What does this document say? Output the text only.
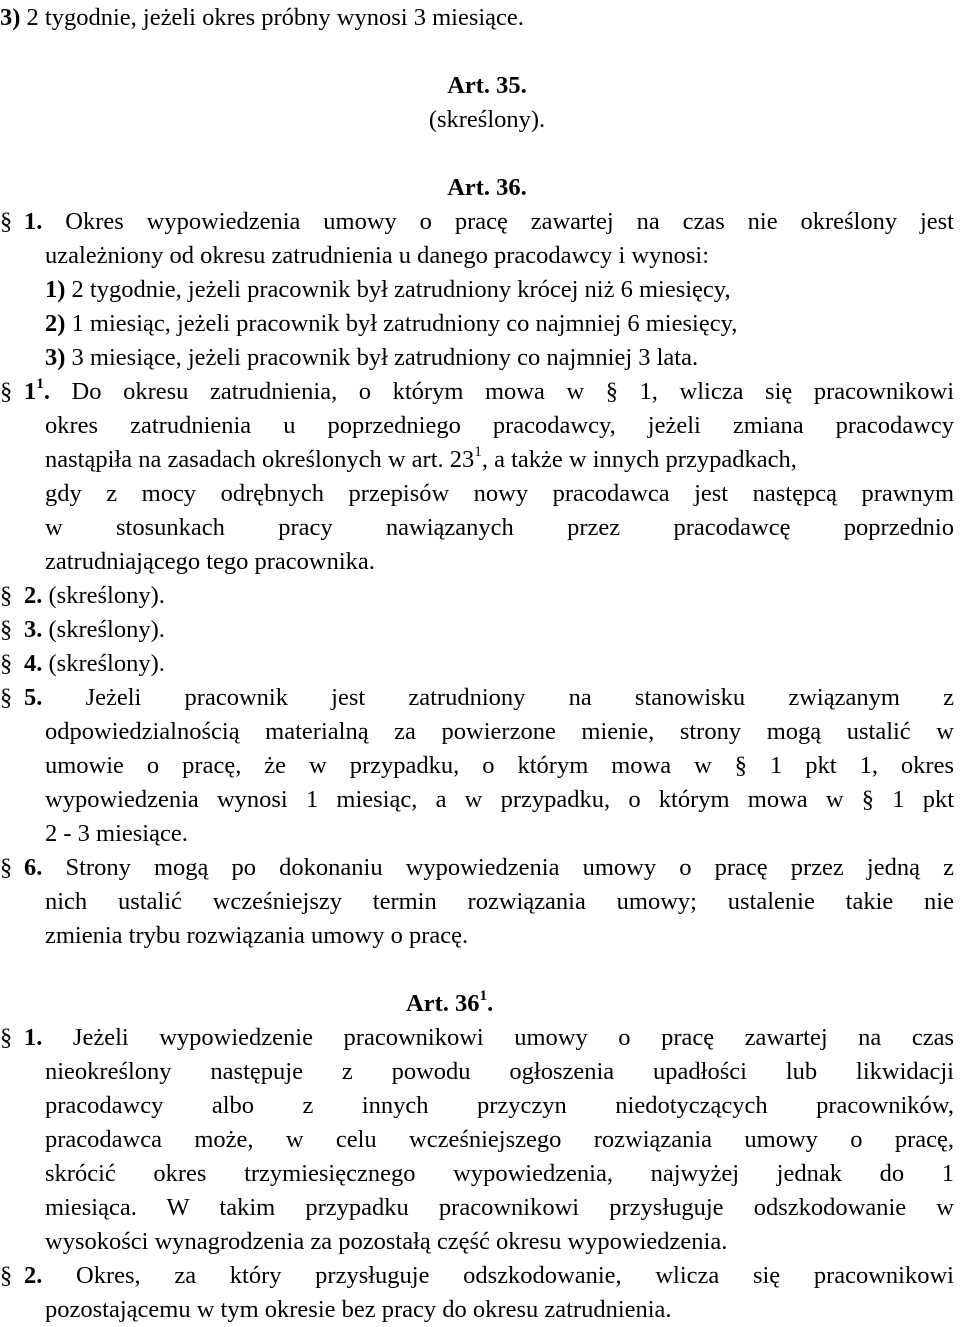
3) 2 tygodnie, jeżeli okres próbny wynosi 3 miesiące.
Art. 35.
(skreślony).
Art. 36.
§ 1. Okres wypowiedzenia umowy o pracę zawartej na czas nie określony jest
uzależniony od okresu zatrudnienia u danego pracodawcy i wynosi:
1) 2 tygodnie, jeżeli pracownik był zatrudniony krócej niż 6 miesięcy,
2) 1 miesiąc, jeżeli pracownik był zatrudniony co najmniej 6 miesięcy,
3) 3 miesiące, jeżeli pracownik był zatrudniony co najmniej 3 lata.
§ $1^1$. Do okresu zatrudnienia, o którym mowa w § 1, wlicza się pracownikowi
okres zatrudnienia u poprzedniego pracodawcy, jeżeli zmiana pracodawcy
nastąpiła na zasadach określonych w art. $23^1$, a także w innych przypadkach,
gdy z mocy odrębnych przepisów nowy pracodawca jest następcą prawnym
w stosunkach pracy nawiązanych przez pracodawcę poprzednio
zatrudniającego tego pracownika.
§ 2. (skreślony).
§ 3. (skreślony).
§ 4. (skreślony).
§ 5. Jeżeli pracownik jest zatrudniony na stanowisku związanym z
odpowiedzialnością materialną za powierzone mienie, strony mogą ustalić w
umowie o pracę, że w przypadku, o którym mowa w § 1 pkt 1, okres
wypowiedzenia wynosi 1 miesiąc, a w przypadku, o którym mowa w § 1 pkt
2 - 3 miesiące.
§ 6. Strony mogą po dokonaniu wypowiedzenia umowy o pracę przez jedną z
nich ustalić wcześniejszy termin rozwiązania umowy; ustalenie takie nie
zmienia trybu rozwiązania umowy o pracę.
Art. $36^1$.
§ 1. Jeżeli wypowiedzenie pracownikowi umowy o pracę zawartej na czas
nieokreślony następuje z powodu ogłoszenia upadłości lub likwidacji
pracodawcy albo z innych przyczyn niedotyczących pracowników,
pracodawca może, w celu wcześniejszego rozwiązania umowy o pracę,
skrócić okres trzymiesięcznego wypowiedzenia, najwyżej jednak do 1
miesiąca. W takim przypadku pracownikowi przysługuje odszkodowanie w
wysokości wynagrodzenia za pozostałą część okresu wypowiedzenia.
§ 2. Okres, za który przysługuje odszkodowanie, wlicza się pracownikowi
pozostającemu w tym okresie bez pracy do okresu zatrudnienia.
